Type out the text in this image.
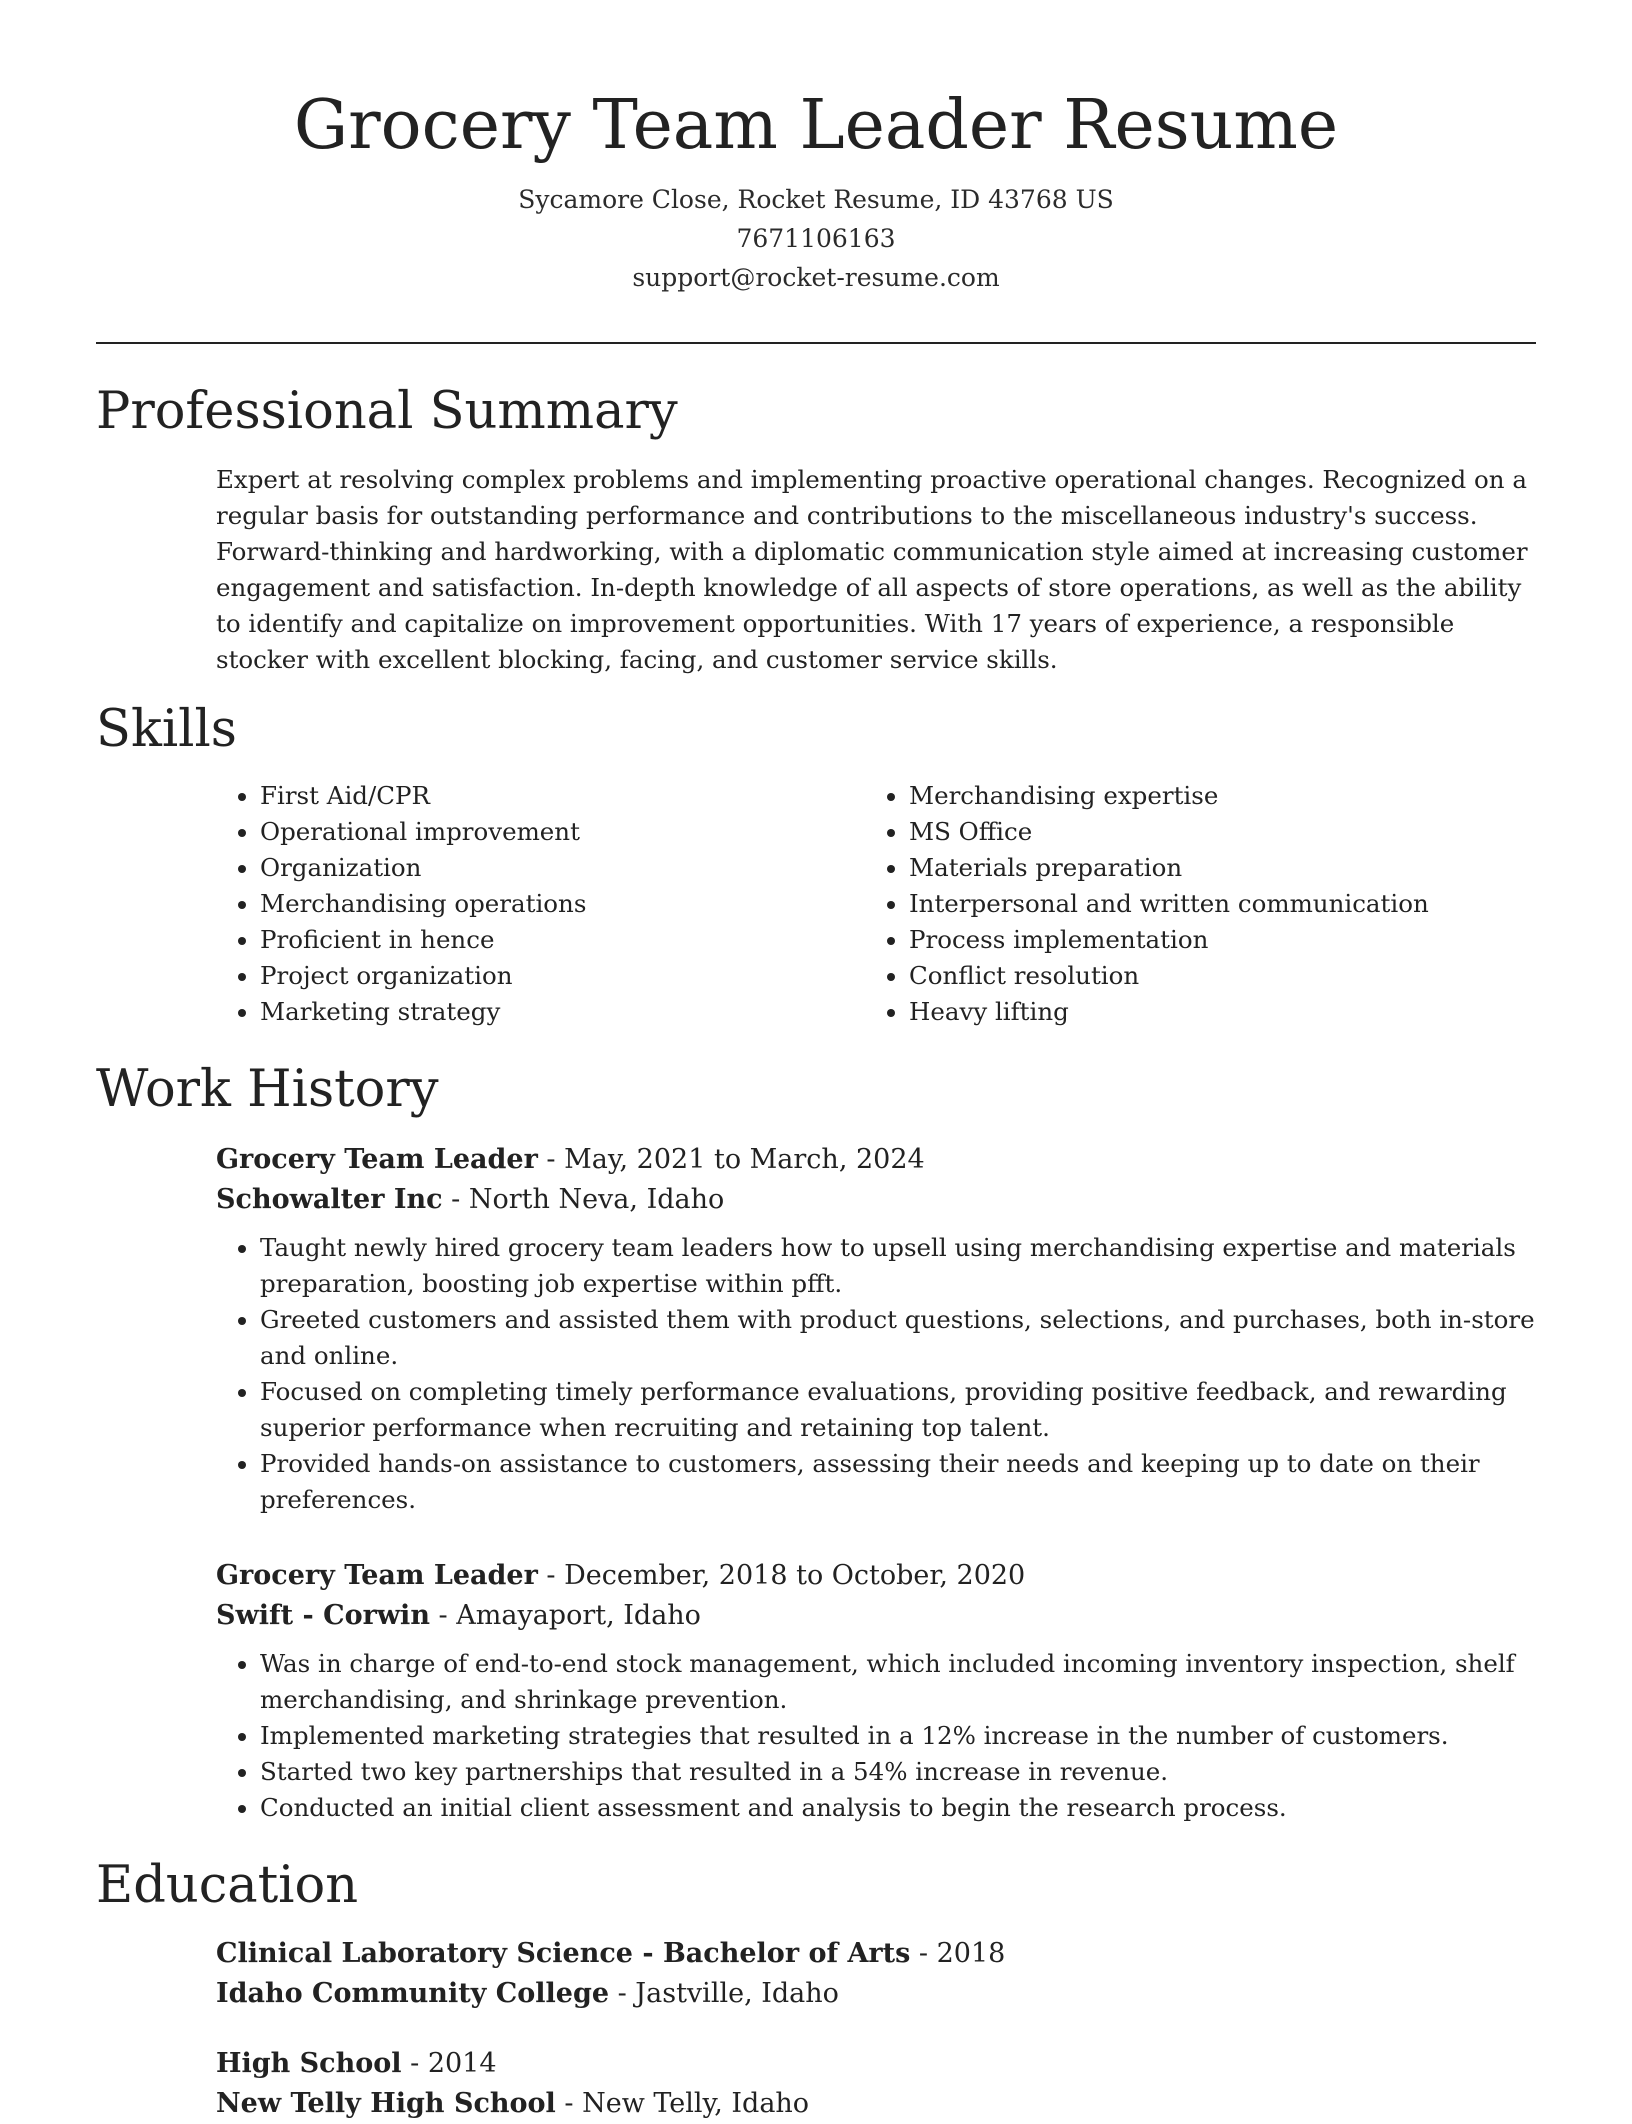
Grocery Team Leader Resume
Sycamore Close, Rocket Resume, ID 43768 US
7671106163
support@rocket-resume.com
Professional Summary
Expert at resolving complex problems and implementing proactive operational changes. Recognized on a regular basis for outstanding performance and contributions to the miscellaneous industry's success. Forward-thinking and hardworking, with a diplomatic communication style aimed at increasing customer engagement and satisfaction. In-depth knowledge of all aspects of store operations, as well as the ability to identify and capitalize on improvement opportunities. With 17 years of experience, a responsible stocker with excellent blocking, facing, and customer service skills.
Skills
• First Aid/CPR
• Operational improvement
• Organization
• Merchandising operations
• Proficient in hence
• Project organization
• Marketing strategy
• Merchandising expertise
• MS Office
• Materials preparation
• Interpersonal and written communication
• Process implementation
• Conflict resolution
• Heavy lifting
Work History
Grocery Team Leader - May, 2021 to March, 2024
Schowalter Inc - North Neva, Idaho
• Taught newly hired grocery team leaders how to upsell using merchandising expertise and materials preparation, boosting job expertise within pfft.
• Greeted customers and assisted them with product questions, selections, and purchases, both in-store and online.
• Focused on completing timely performance evaluations, providing positive feedback, and rewarding superior performance when recruiting and retaining top talent.
• Provided hands-on assistance to customers, assessing their needs and keeping up to date on their preferences.
Grocery Team Leader - December, 2018 to October, 2020
Swift - Corwin - Amayaport, Idaho
• Was in charge of end-to-end stock management, which included incoming inventory inspection, shelf merchandising, and shrinkage prevention.
• Implemented marketing strategies that resulted in a 12% increase in the number of customers.
• Started two key partnerships that resulted in a 54% increase in revenue.
• Conducted an initial client assessment and analysis to begin the research process.
Education
Clinical Laboratory Science - Bachelor of Arts - 2018
Idaho Community College - Jastville, Idaho
High School - 2014
New Telly High School - New Telly, Idaho
